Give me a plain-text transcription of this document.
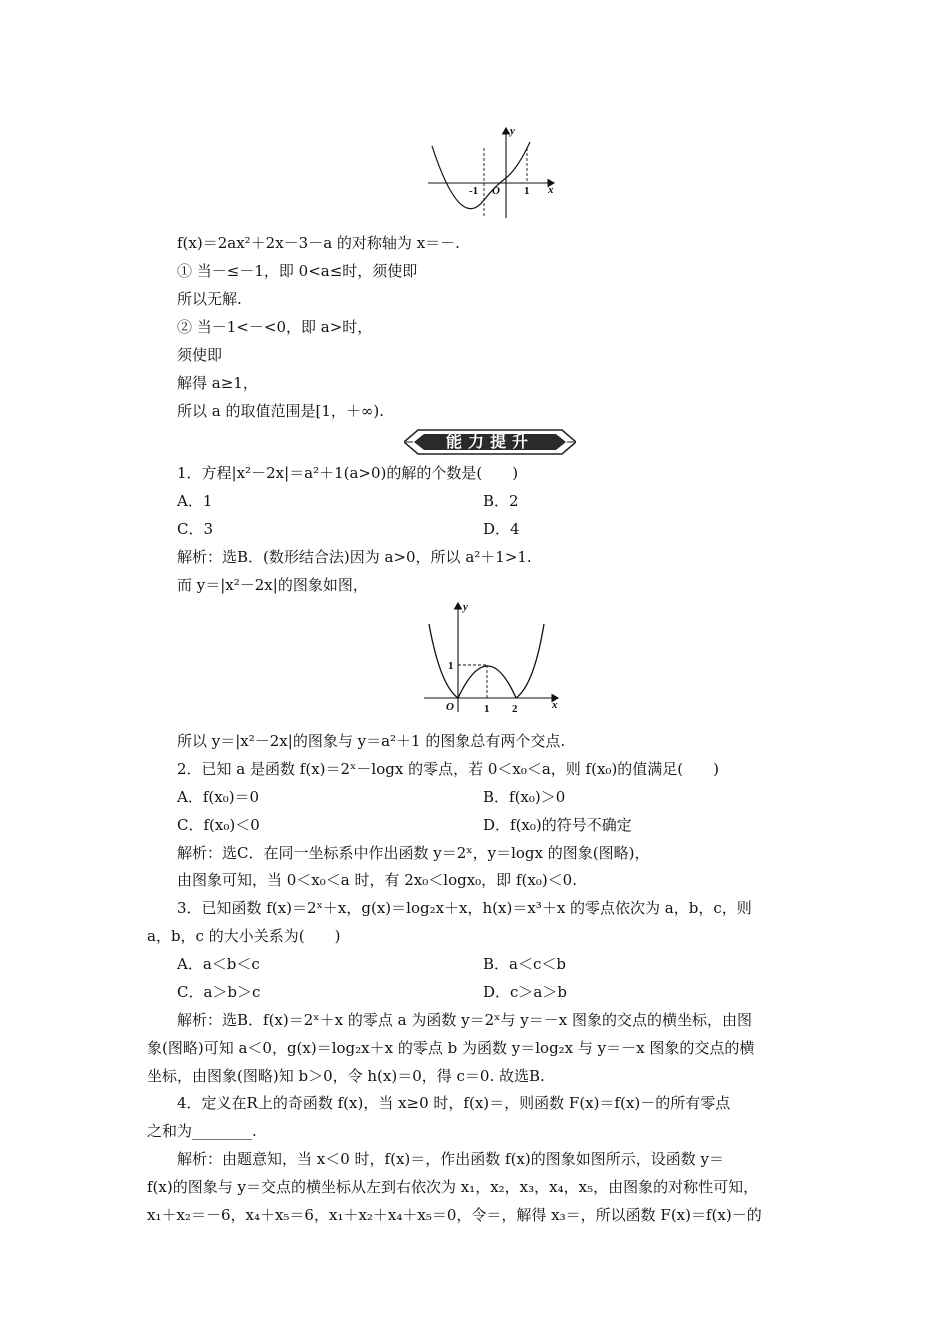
y
x
-1 O 1
f(x)＝2ax²＋2x－3－a 的对称轴为 x＝－.
① 当－≤－1，即 0<a≤时，须使即
所以无解.
② 当－1<－<0，即 a>时，
须使即
解得 a≥1，
所以 a 的取值范围是[1，＋∞).
能力提升
1．方程|x²－2x|＝a²＋1(a>0)的解的个数是(　　)
A．1	B．2
C．3	D．4
解析：选B．(数形结合法)因为 a>0，所以 a²＋1>1.
而 y＝|x²－2x|的图象如图，
y
x
1
O	1 2
所以 y＝|x²－2x|的图象与 y＝a²＋1 的图象总有两个交点.
2．已知 a 是函数 f(x)＝2ˣ－logx 的零点，若 0＜x₀＜a，则 f(x₀)的值满足(　　)
A．f(x₀)＝0	B．f(x₀)＞0
C．f(x₀)＜0	D．f(x₀)的符号不确定
解析：选C．在同一坐标系中作出函数 y＝2ˣ，y＝logx 的图象(图略)，
由图象可知，当 0＜x₀＜a 时，有 2x₀＜logx₀，即 f(x₀)＜0.
3．已知函数 f(x)＝2ˣ＋x，g(x)＝log₂x＋x，h(x)＝x³＋x 的零点依次为 a，b，c，则
a，b，c 的大小关系为(　　)
A．a＜b＜c	B．a＜c＜b
C．a＞b＞c	D．c＞a＞b
解析：选B．f(x)＝2ˣ＋x 的零点 a 为函数 y＝2ˣ与 y＝－x 图象的交点的横坐标，由图
象(图略)可知 a＜0，g(x)＝log₂x＋x 的零点 b 为函数 y＝log₂x 与 y＝－x 图象的交点的横
坐标，由图象(图略)知 b＞0，令 h(x)＝0，得 c＝0. 故选B.
4．定义在R上的奇函数 f(x)，当 x≥0 时，f(x)＝，则函数 F(x)＝f(x)－的所有零点
之和为________.
解析：由题意知，当 x＜0 时，f(x)＝，作出函数 f(x)的图象如图所示，设函数 y＝
f(x)的图象与 y＝交点的横坐标从左到右依次为 x₁，x₂，x₃，x₄，x₅，由图象的对称性可知，
x₁＋x₂＝－6，x₄＋x₅＝6，x₁＋x₂＋x₄＋x₅＝0，令＝，解得 x₃＝，所以函数 F(x)＝f(x)－的
